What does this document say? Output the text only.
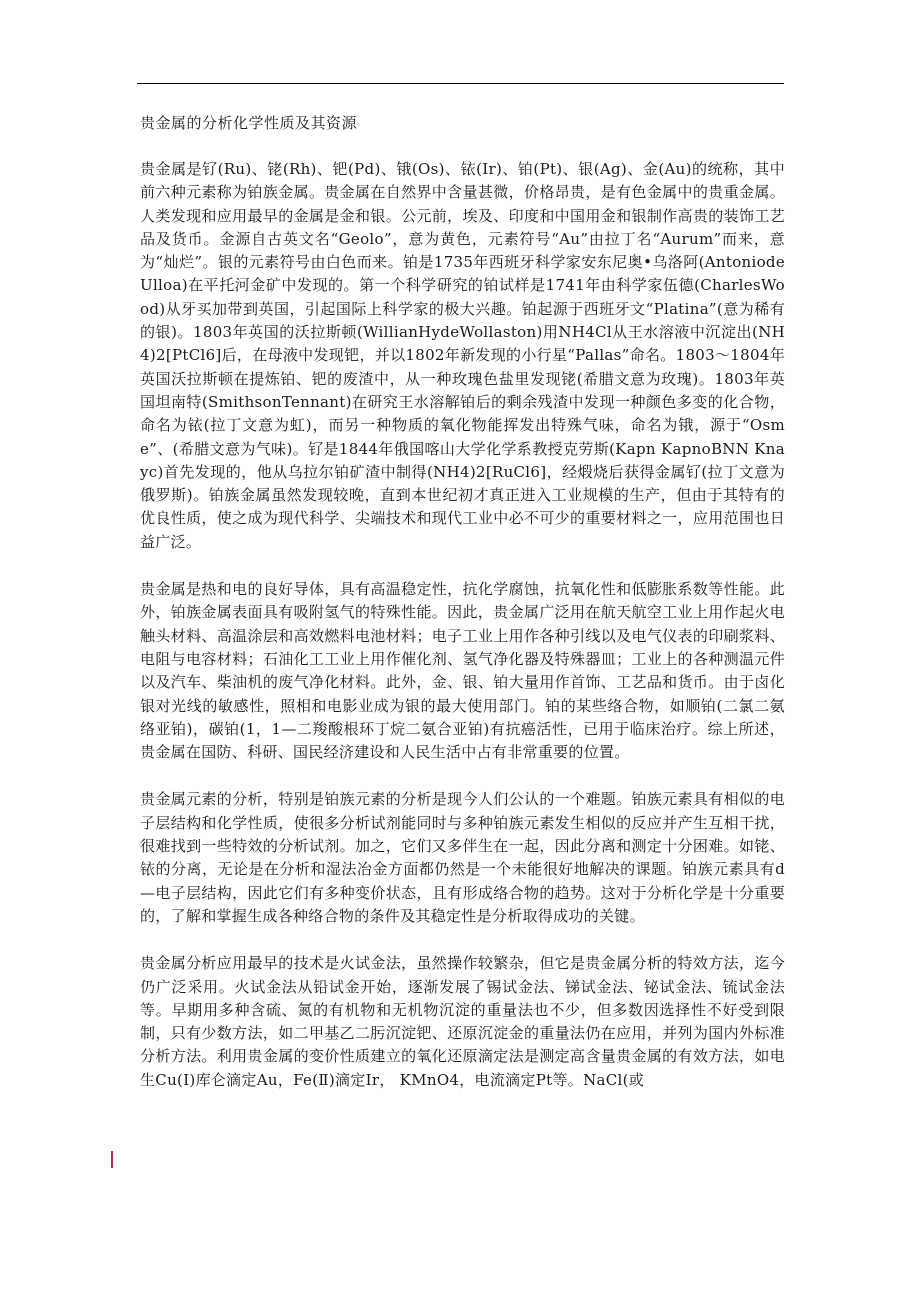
贵金属的分析化学性质及其资源

贵金属是钌(Ru)、铑(Rh)、钯(Pd)、锇(Os)、铱(Ir)、铂(Pt)、银(Ag)、金(Au)的统称，其中前六种元素称为铂族金属。贵金属在自然界中含量甚微，价格昂贵，是有色金属中的贵重金属。人类发现和应用最早的金属是金和银。公元前，埃及、印度和中国用金和银制作高贵的装饰工艺品及货币。金源自古英文名“Geolo”，意为黄色，元素符号“Au”由拉丁名“Aurum”而来，意为“灿烂”。银的元素符号由白色而来。铂是1735年西班牙科学家安东尼奥•乌洛阿(AntoniodeUlloa)在平托河金矿中发现的。第一个科学研究的铂试样是1741年由科学家伍德(CharlesWood)从牙买加带到英国，引起国际上科学家的极大兴趣。铂起源于西班牙文“Platina”(意为稀有的银)。1803年英国的沃拉斯顿(WillianHydeWollaston)用NH4Cl从王水溶液中沉淀出(NH4)2[PtCl6]后，在母液中发现钯，并以1802年新发现的小行星“Pallas”命名。1803～1804年英国沃拉斯顿在提炼铂、钯的废渣中，从一种玫瑰色盐里发现铑(希腊文意为玫瑰)。1803年英国坦南特(SmithsonTennant)在研究王水溶解铂后的剩余残渣中发现一种颜色多变的化合物，命名为铱(拉丁文意为虹)，而另一种物质的氧化物能挥发出特殊气味，命名为锇，源于“Osme”、(希腊文意为气味)。钌是1844年俄国喀山大学化学系教授克劳斯(Kapn KapnoBNN Knayc)首先发现的，他从乌拉尔铂矿渣中制得(NH4)2[RuCl6]，经煅烧后获得金属钌(拉丁文意为俄罗斯)。铂族金属虽然发现较晚，直到本世纪初才真正进入工业规模的生产，但由于其特有的优良性质，使之成为现代科学、尖端技术和现代工业中必不可少的重要材料之一，应用范围也日益广泛。

贵金属是热和电的良好导体，具有高温稳定性，抗化学腐蚀，抗氧化性和低膨胀系数等性能。此外，铂族金属表面具有吸附氢气的特殊性能。因此，贵金属广泛用在航天航空工业上用作起火电触头材料、高温涂层和高效燃料电池材料；电子工业上用作各种引线以及电气仪表的印刷浆料、电阻与电容材料；石油化工工业上用作催化剂、氢气净化器及特殊器皿；工业上的各种测温元件以及汽车、柴油机的废气净化材料。此外，金、银、铂大量用作首饰、工艺品和货币。由于卤化银对光线的敏感性，照相和电影业成为银的最大使用部门。铂的某些络合物，如顺铂(二氯二氨络亚铂)，碳铂(1，1—二羧酸根环丁烷二氨合亚铂)有抗癌活性，已用于临床治疗。综上所述，贵金属在国防、科研、国民经济建设和人民生活中占有非常重要的位置。

贵金属元素的分析，特别是铂族元素的分析是现今人们公认的一个难题。铂族元素具有相似的电子层结构和化学性质，使很多分析试剂能同时与多种铂族元素发生相似的反应并产生互相干扰，很难找到一些特效的分析试剂。加之，它们又多伴生在一起，因此分离和测定十分困难。如铑、铱的分离，无论是在分析和湿法冶金方面都仍然是一个未能很好地解决的课题。铂族元素具有d—电子层结构，因此它们有多种变价状态，且有形成络合物的趋势。这对于分析化学是十分重要的，了解和掌握生成各种络合物的条件及其稳定性是分析取得成功的关键。

贵金属分析应用最早的技术是火试金法，虽然操作较繁杂，但它是贵金属分析的特效方法，迄今仍广泛采用。火试金法从铅试金开始，逐渐发展了锡试金法、锑试金法、铋试金法、锍试金法等。早期用多种含硫、氮的有机物和无机物沉淀的重量法也不少，但多数因选择性不好受到限制，只有少数方法，如二甲基乙二肟沉淀钯、还原沉淀金的重量法仍在应用，并列为国内外标准分析方法。利用贵金属的变价性质建立的氧化还原滴定法是测定高含量贵金属的有效方法，如电生Cu(Ⅰ)库仑滴定Au，Fe(Ⅱ)滴定Ir， KMnO4，电流滴定Pt等。NaCl(或
